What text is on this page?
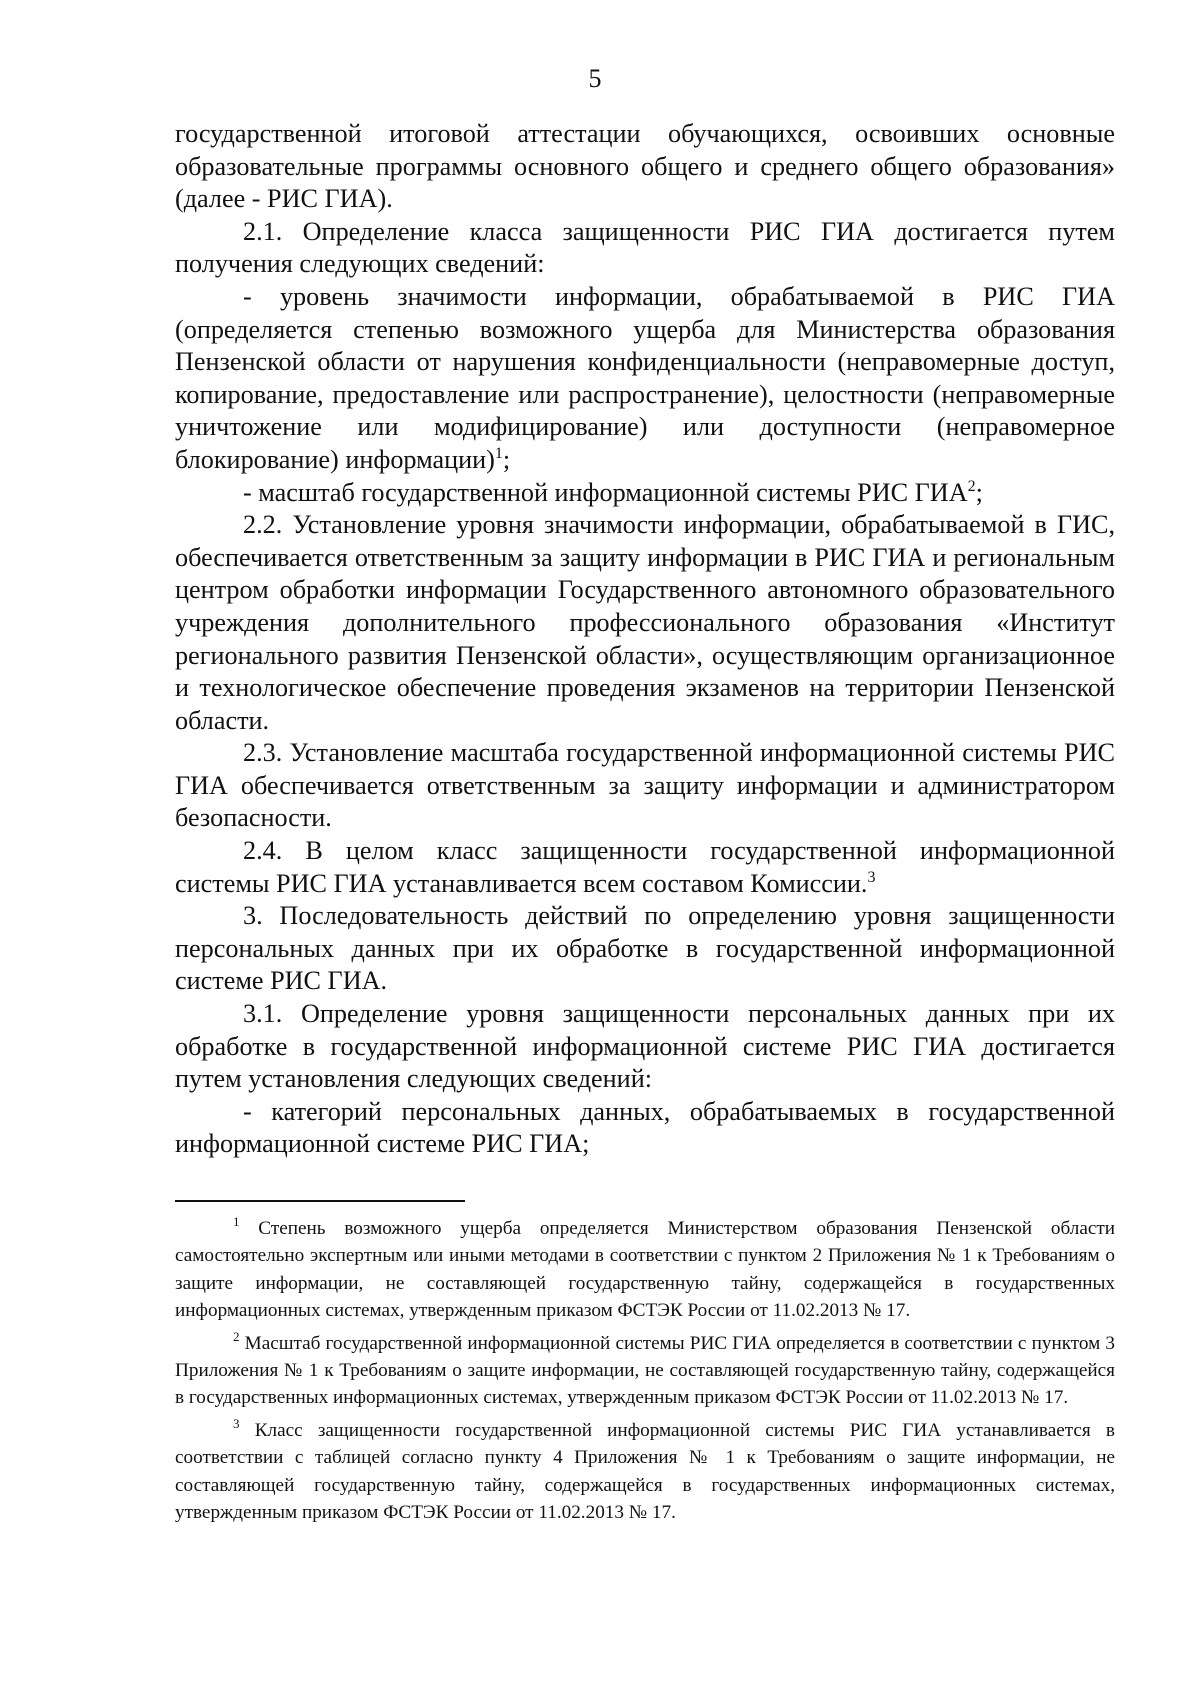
5

государственной итоговой аттестации обучающихся, освоивших основные образовательные программы основного общего и среднего общего образования» (далее - РИС ГИА).

2.1. Определение класса защищенности РИС ГИА достигается путем получения следующих сведений:

- уровень значимости информации, обрабатываемой в РИС ГИА (определяется степенью возможного ущерба для Министерства образования Пензенской области от нарушения конфиденциальности (неправомерные доступ, копирование, предоставление или распространение), целостности (неправомерные уничтожение или модифицирование) или доступности (неправомерное блокирование) информации)$^1$;

- масштаб государственной информационной системы РИС ГИА$^2$;

2.2. Установление уровня значимости информации, обрабатываемой в ГИС, обеспечивается ответственным за защиту информации в РИС ГИА и региональным центром обработки информации Государственного автономного образовательного учреждения дополнительного профессионального образования «Институт регионального развития Пензенской области», осуществляющим организационное и технологическое обеспечение проведения экзаменов на территории Пензенской области.

2.3. Установление масштаба государственной информационной системы РИС ГИА обеспечивается ответственным за защиту информации и администратором безопасности.

2.4. В целом класс защищенности государственной информационной системы РИС ГИА устанавливается всем составом Комиссии.$^3$

3. Последовательность действий по определению уровня защищенности персональных данных при их обработке в государственной информационной системе РИС ГИА.

3.1. Определение уровня защищенности персональных данных при их обработке в государственной информационной системе РИС ГИА достигается путем установления следующих сведений:

- категорий персональных данных, обрабатываемых в государственной информационной системе РИС ГИА;

$^1$ Степень возможного ущерба определяется Министерством образования Пензенской области самостоятельно экспертным или иными методами в соответствии с пунктом 2 Приложения № 1 к Требованиям о защите информации, не составляющей государственную тайну, содержащейся в государственных информационных системах, утвержденным приказом ФСТЭК России от 11.02.2013 № 17.

$^2$ Масштаб государственной информационной системы РИС ГИА определяется в соответствии с пунктом 3 Приложения № 1 к Требованиям о защите информации, не составляющей государственную тайну, содержащейся в государственных информационных системах, утвержденным приказом ФСТЭК России от 11.02.2013 № 17.

$^3$ Класс защищенности государственной информационной системы РИС ГИА устанавливается в соответствии с таблицей согласно пункту 4 Приложения № 1 к Требованиям о защите информации, не составляющей государственную тайну, содержащейся в государственных информационных системах, утвержденным приказом ФСТЭК России от 11.02.2013 № 17.
